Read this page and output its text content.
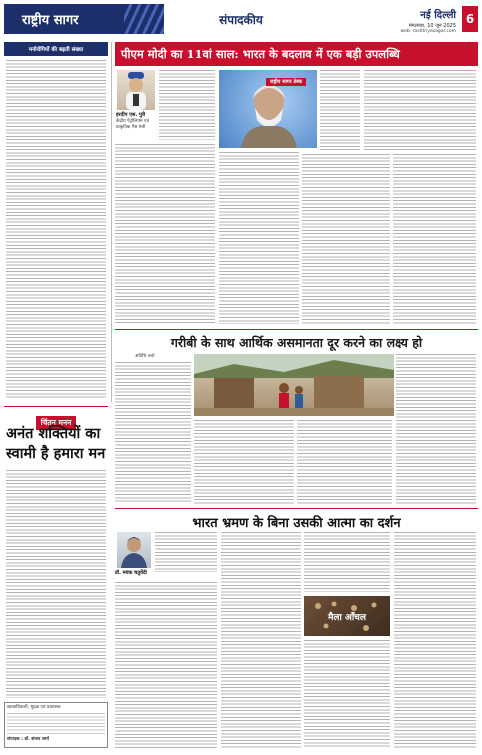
राष्ट्रीय सागर	संपादकीय	नई दिल्ली
मंगलवार, 10 जून 2025
web: rashtriyasagar.com
6
मनोरोगियों की बढ़ती संख्या	पीएम मोदी का 11वां साल: भारत के बदलाव में एक बड़ी उपलब्धि
हरदीप एस. पुरी
केंद्रीय पेट्रोलियम एवं प्राकृतिक गैस मंत्री
राष्ट्रीय सागर डेस्क
गरीबी के साथ आर्थिक असमानता दूर करने का लक्ष्य हो
अतिथि चर्चा
चिंतन मनन
अनंत शक्तियों का स्वामी है हमारा मन
स्वत्वाधिकारी, मुद्रक एवं प्रकाशक
संपादक : डॉ. संजय शर्मा
भारत भ्रमण के बिना उसकी आत्मा का दर्शन
डॉ. मयंक चतुर्वेदी
मैला आँचल
